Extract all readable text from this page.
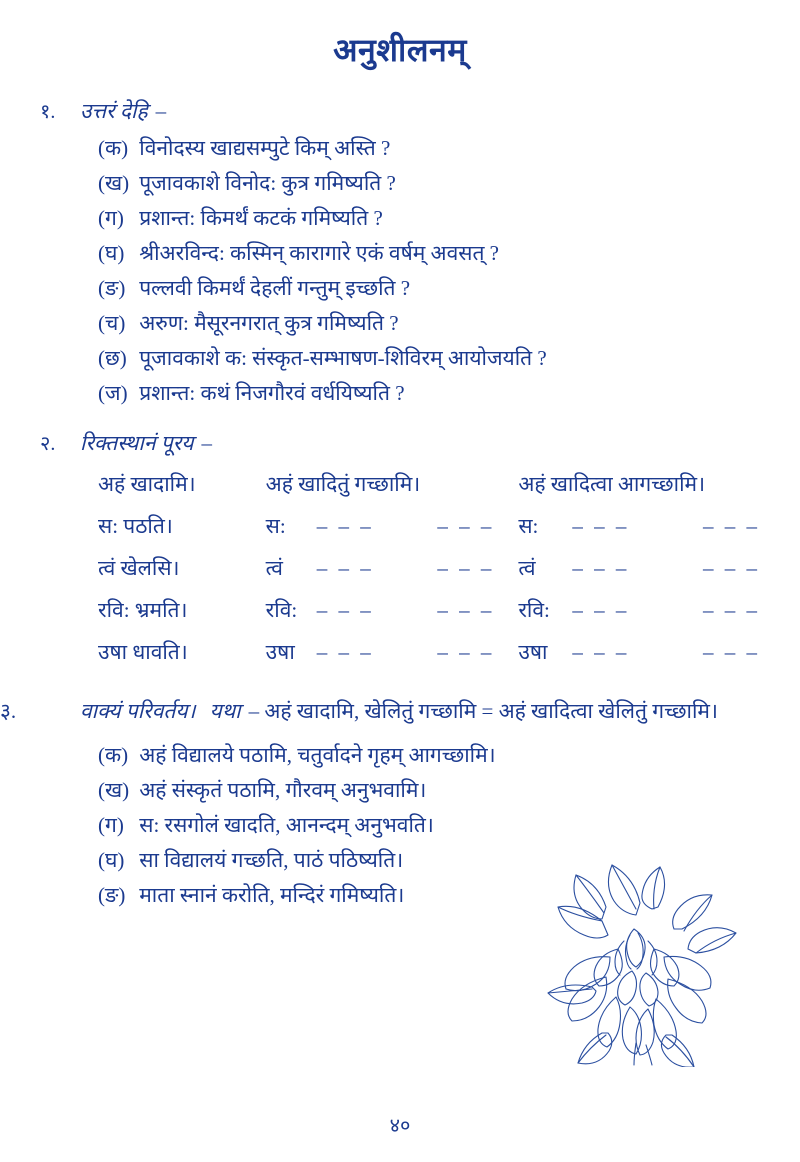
अनुशीलनम्
१.	उत्तरं देहि –
(क) विनोदस्य खाद्यसम्पुटे किम् अस्ति ?
(ख) पूजावकाशे विनोद: कुत्र गमिष्यति ?
(ग) प्रशान्त: किमर्थं कटकं गमिष्यति ?
(घ) श्रीअरविन्द: कस्मिन् कारागारे एकं वर्षम् अवसत् ?
(ङ) पल्लवी किमर्थं देहलीं गन्तुम् इच्छति ?
(च) अरुण: मैसूरनगरात् कुत्र गमिष्यति ?
(छ) पूजावकाशे क: संस्कृत-सम्भाषण-शिविरम् आयोजयति ?
(ज) प्रशान्त: कथं निजगौरवं वर्धयिष्यति ?
२.	रिक्तस्थानं पूरय –
अहं खादामि।	अहं खादितुं गच्छामि।			अहं खादित्वा आगच्छामि।		
स: पठति।	स:	– – –	– – –	स:	– – –	– – –
त्वं खेलसि।	त्वं	– – –	– – –	त्वं	– – –	– – –
रवि: भ्रमति।	रवि:	– – –	– – –	रवि:	– – –	– – –
उषा धावति।	उषा	– – –	– – –	उषा	– – –	– – –
३.	वाक्यं परिवर्तय। यथा – अहं खादामि, खेलितुं गच्छामि = अहं खादित्वा खेलितुं गच्छामि।
(क) अहं विद्यालये पठामि, चतुर्वादने गृहम् आगच्छामि।
(ख) अहं संस्कृतं पठामि, गौरवम् अनुभवामि।
(ग) स: रसगोलं खादति, आनन्दम् अनुभवति।
(घ) सा विद्यालयं गच्छति, पाठं पठिष्यति।
(ङ) माता स्नानं करोति, मन्दिरं गमिष्यति।
४०
